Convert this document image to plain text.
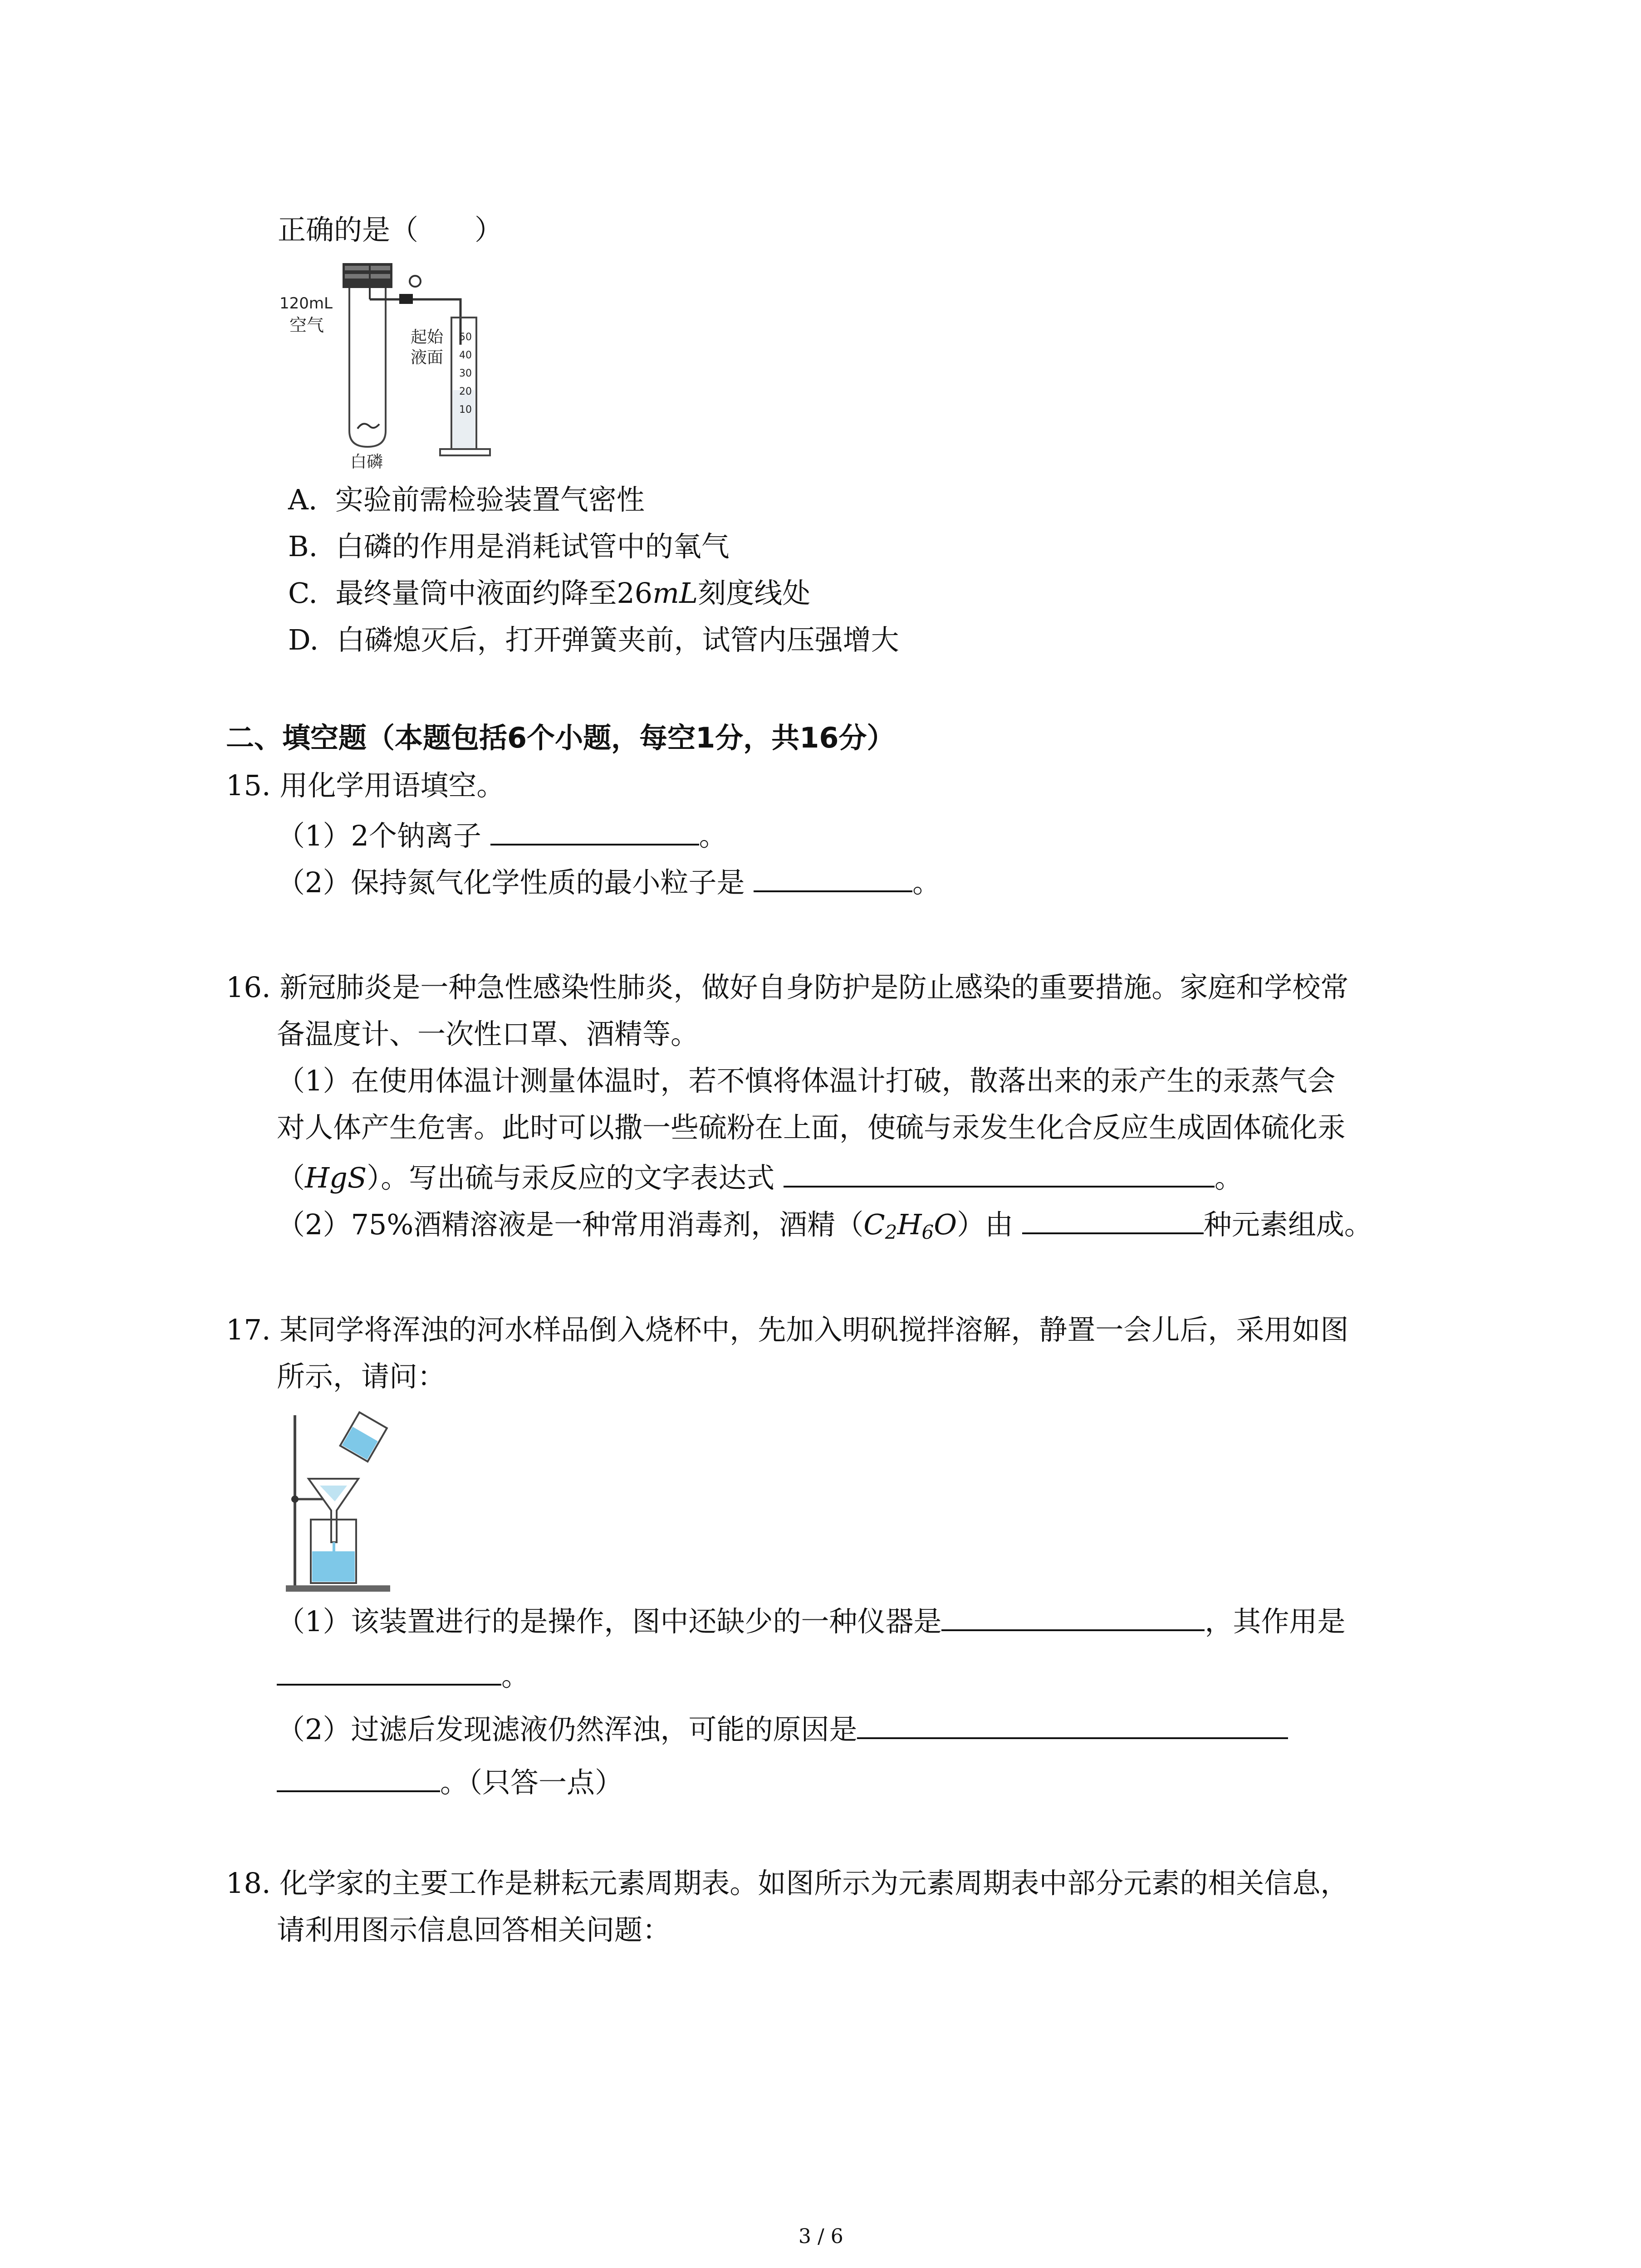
正确的是（　　）
120mL
空气
白磷
起始
液面
50
40
30
20
10
A. 实验前需检验装置气密性
B. 白磷的作用是消耗试管中的氧气
C. 最终量筒中液面约降至26mL刻度线处
D. 白磷熄灭后，打开弹簧夹前，试管内压强增大
二、填空题（本题包括6个小题，每空1分，共16分）
15. 用化学用语填空。
（1）2个钠离子	。
（2）保持氮气化学性质的最小粒子是	。
16. 新冠肺炎是一种急性感染性肺炎，做好自身防护是防止感染的重要措施。家庭和学校常
备温度计、一次性口罩、酒精等。
（1）在使用体温计测量体温时，若不慎将体温计打破，散落出来的汞产生的汞蒸气会
对人体产生危害。此时可以撒一些硫粉在上面，使硫与汞发生化合反应生成固体硫化汞
（HgS）。写出硫与汞反应的文字表达式	。
（2）75%酒精溶液是一种常用消毒剂，酒精$(C_2H_6O)$由	种元素组成。
17. 某同学将浑浊的河水样品倒入烧杯中，先加入明矾搅拌溶解，静置一会儿后，采用如图
所示，请问：
（1）该装置进行的是操作，图中还缺少的一种仪器是	，其作用是
。
（2）过滤后发现滤液仍然浑浊，可能的原因是
。（只答一点）
18. 化学家的主要工作是耕耘元素周期表。如图所示为元素周期表中部分元素的相关信息，
请利用图示信息回答相关问题：
3 / 6
